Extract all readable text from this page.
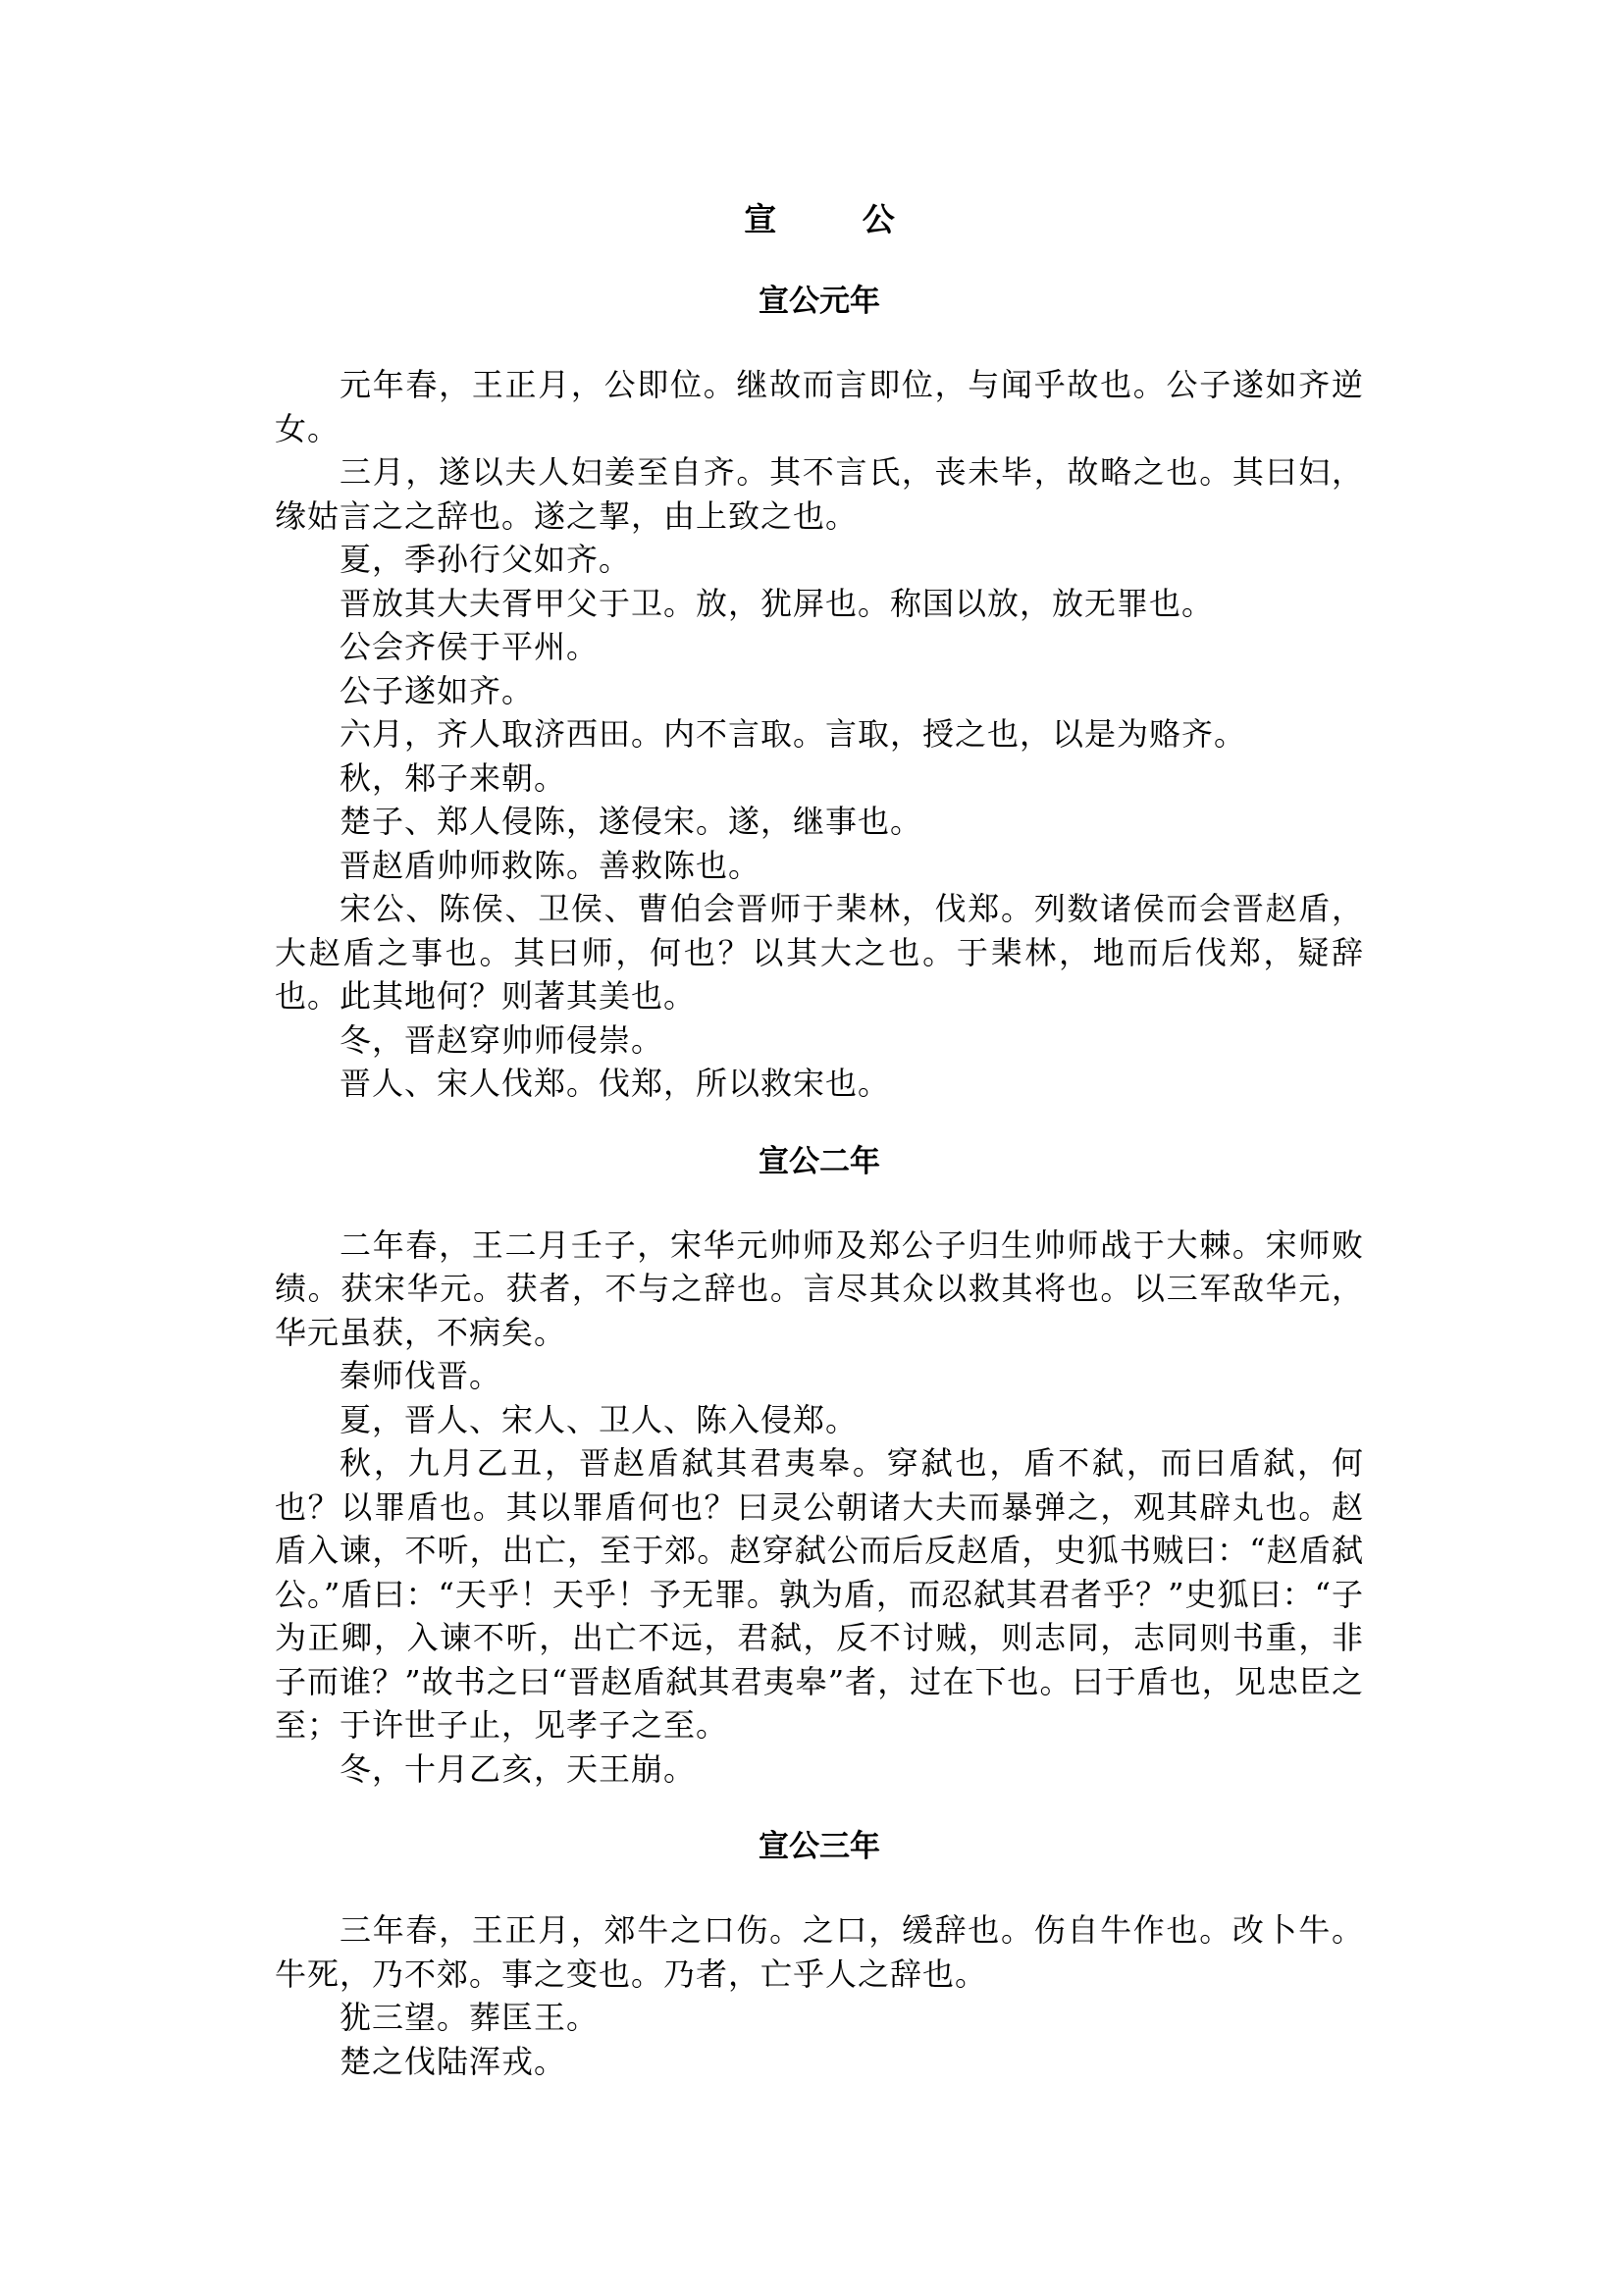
宣 公
宣公元年

元年春，王正月，公即位。继故而言即位，与闻乎故也。公子遂如齐逆女。

三月，遂以夫人妇姜至自齐。其不言氏，丧未毕，故略之也。其曰妇，缘姑言之之辞也。遂之挈，由上致之也。

夏，季孙行父如齐。

晋放其大夫胥甲父于卫。放，犹屏也。称国以放，放无罪也。

公会齐侯于平州。

公子遂如齐。

六月，齐人取济西田。内不言取。言取，授之也，以是为赂齐。

秋，邾子来朝。

楚子、郑人侵陈，遂侵宋。遂，继事也。

晋赵盾帅师救陈。善救陈也。

宋公、陈侯、卫侯、曹伯会晋师于棐林，伐郑。列数诸侯而会晋赵盾，大赵盾之事也。其曰师，何也？以其大之也。于棐林，地而后伐郑，疑辞也。此其地何？则著其美也。

冬，晋赵穿帅师侵崇。

晋人、宋人伐郑。伐郑，所以救宋也。

宣公二年

二年春，王二月壬子，宋华元帅师及郑公子归生帅师战于大棘。宋师败绩。获宋华元。获者，不与之辞也。言尽其众以救其将也。以三军敌华元，华元虽获，不病矣。

秦师伐晋。

夏，晋人、宋人、卫人、陈入侵郑。

秋，九月乙丑，晋赵盾弑其君夷皋。穿弑也，盾不弑，而曰盾弑，何也？以罪盾也。其以罪盾何也？曰灵公朝诸大夫而暴弹之，观其辟丸也。赵盾入谏，不听，出亡，至于郊。赵穿弑公而后反赵盾，史狐书贼曰：“赵盾弑公。”盾曰：“天乎！天乎！予无罪。孰为盾，而忍弑其君者乎？”史狐曰：“子为正卿，入谏不听，出亡不远，君弑，反不讨贼，则志同，志同则书重，非子而谁？”故书之曰“晋赵盾弑其君夷皋”者，过在下也。曰于盾也，见忠臣之至；于许世子止，见孝子之至。

冬，十月乙亥，天王崩。

宣公三年

三年春，王正月，郊牛之口伤。之口，缓辞也。伤自牛作也。改卜牛。牛死，乃不郊。事之变也。乃者，亡乎人之辞也。

犹三望。葬匡王。

楚之伐陆浑戎。
